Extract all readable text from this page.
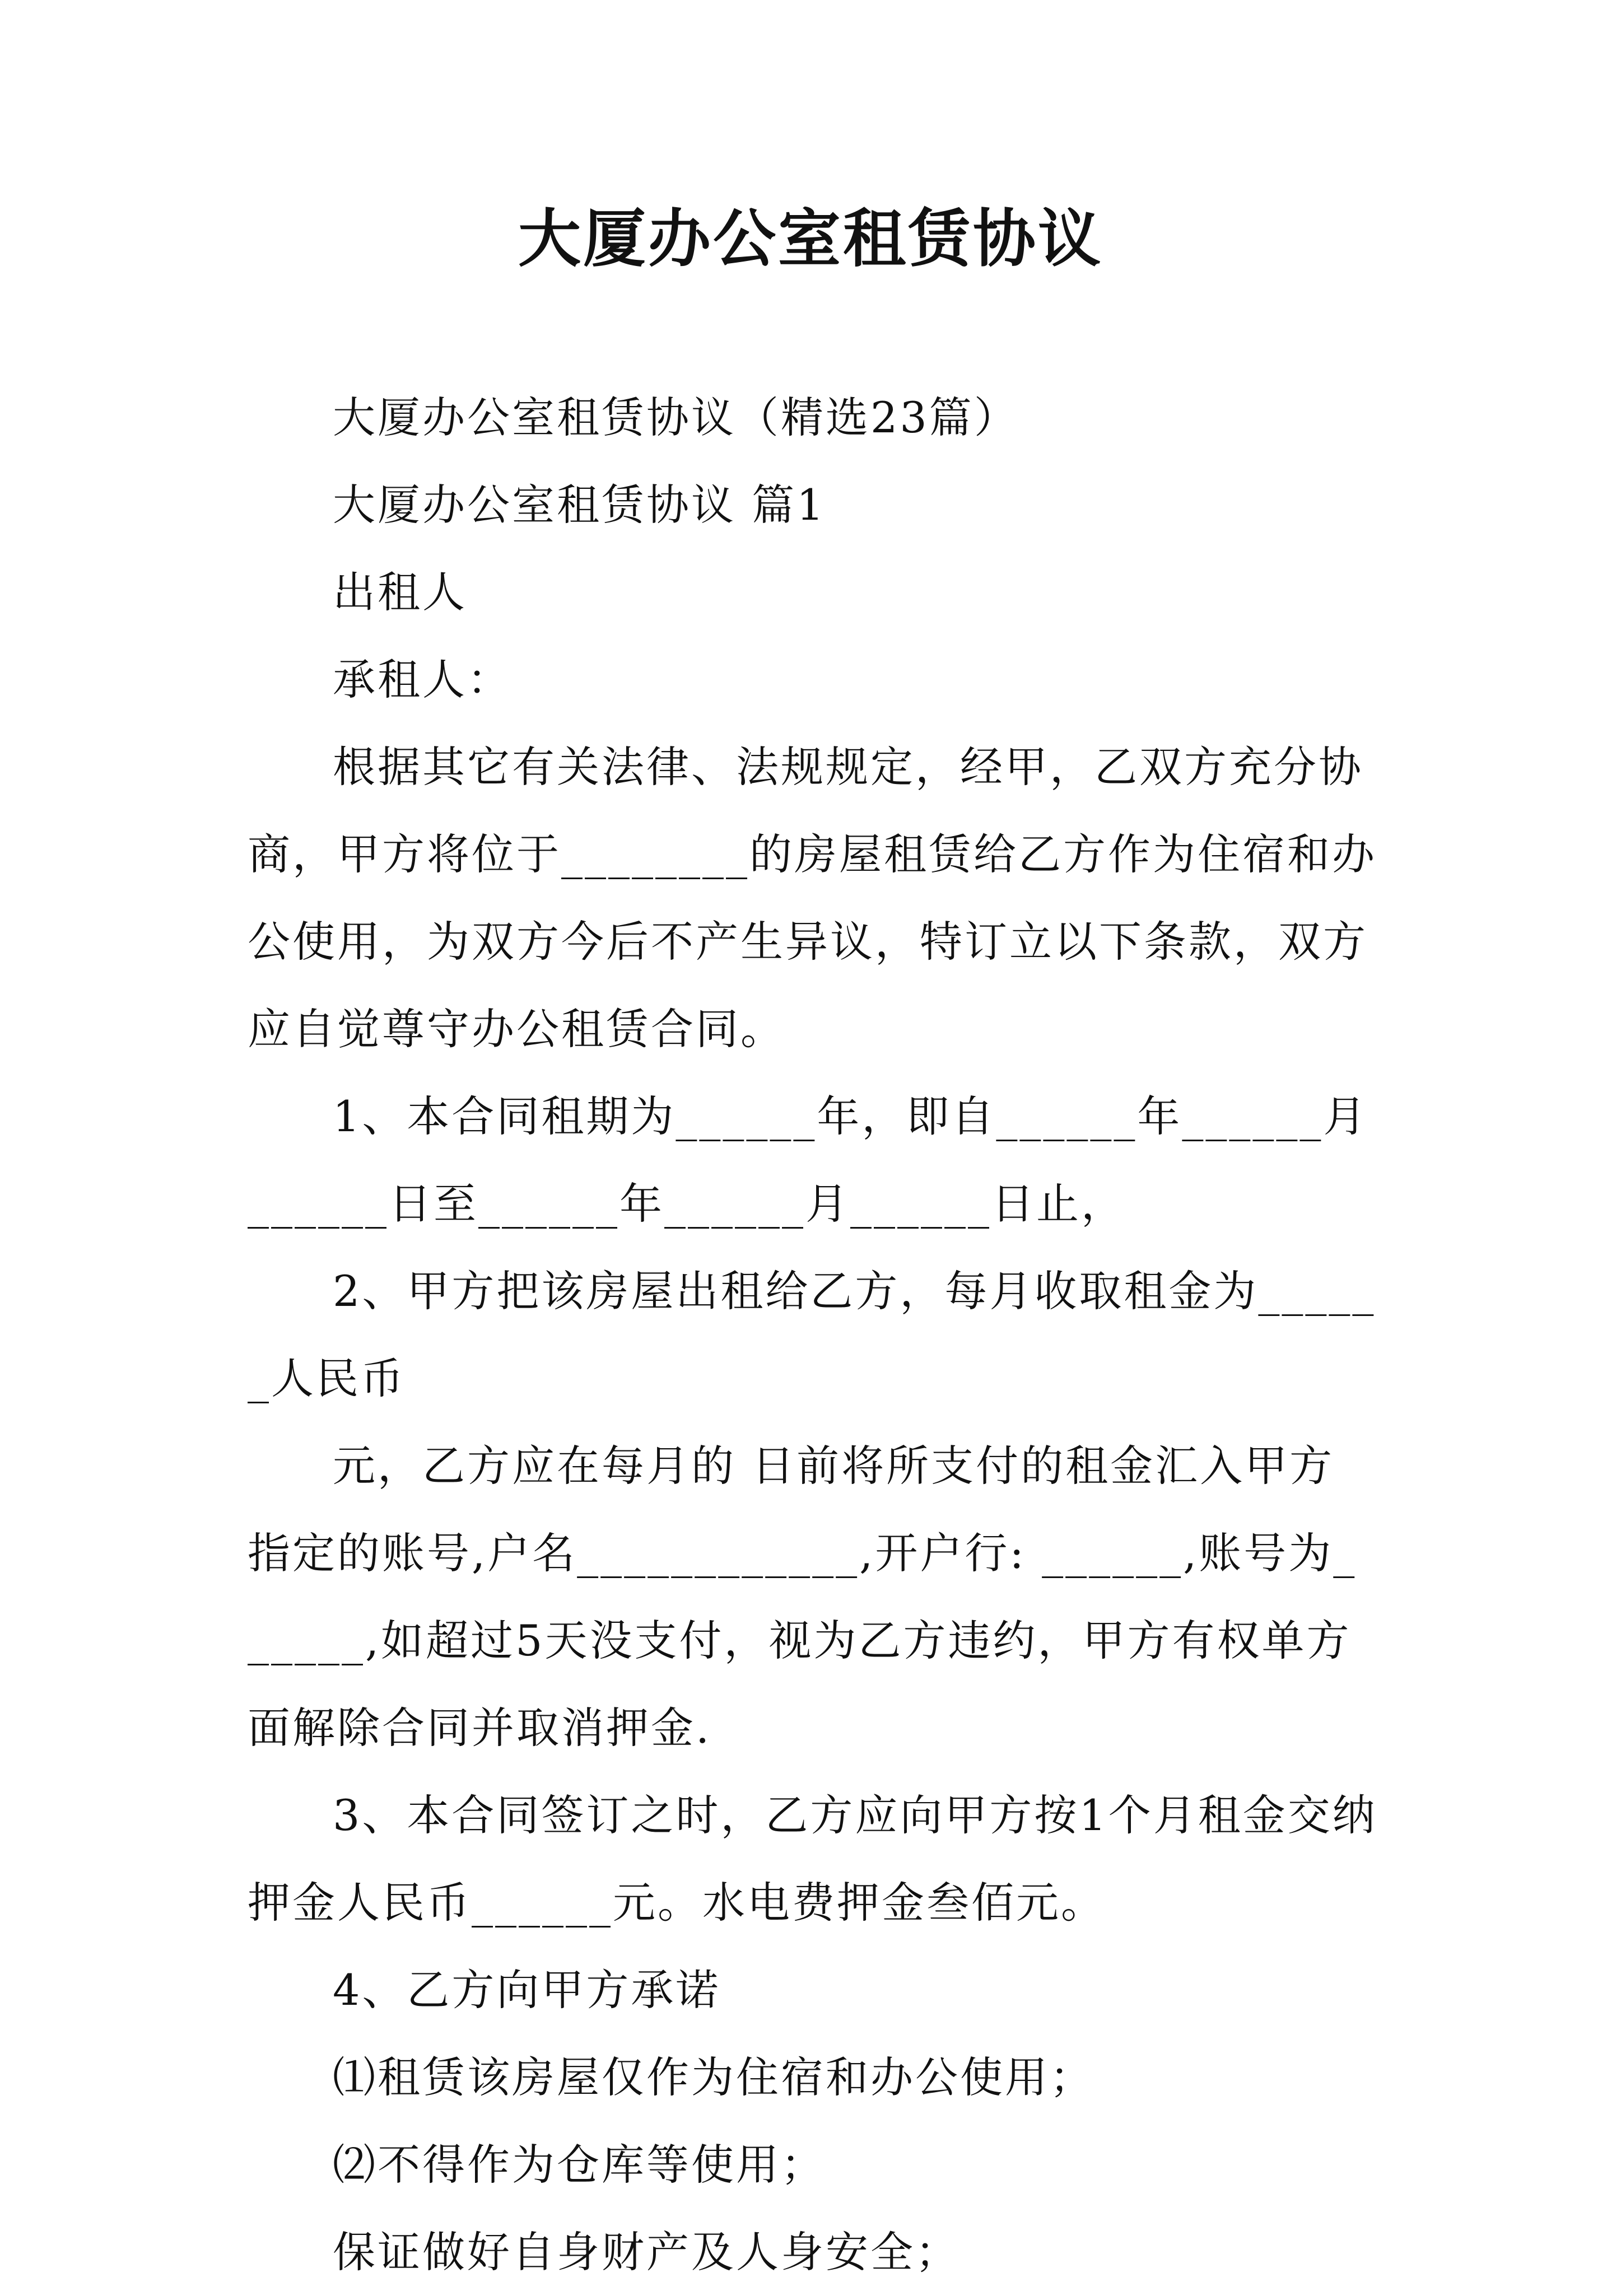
大厦办公室租赁协议

大厦办公室租赁协议（精选23篇）

大厦办公室租赁协议 篇1

出租人

承租人：

根据其它有关法律、法规规定，经甲，乙双方充分协商，甲方将位于________的房屋租赁给乙方作为住宿和办公使用，为双方今后不产生异议，特订立以下条款，双方应自觉尊守办公租赁合同。

1、本合同租期为______年，即自______年______月______日至______年______月______日止，

2、甲方把该房屋出租给乙方，每月收取租金为______人民币

元，乙方应在每月的 日前将所支付的租金汇入甲方指定的账号,户名____________,开户行: ______,账号为______,如超过5天没支付，视为乙方违约，甲方有权单方面解除合同并取消押金.

3、本合同签订之时，乙方应向甲方按1个月租金交纳押金人民币______元。水电费押金叁佰元。

4、乙方向甲方承诺

⑴租赁该房屋仅作为住宿和办公使用；

⑵不得作为仓库等使用；

保证做好自身财产及人身安全；
